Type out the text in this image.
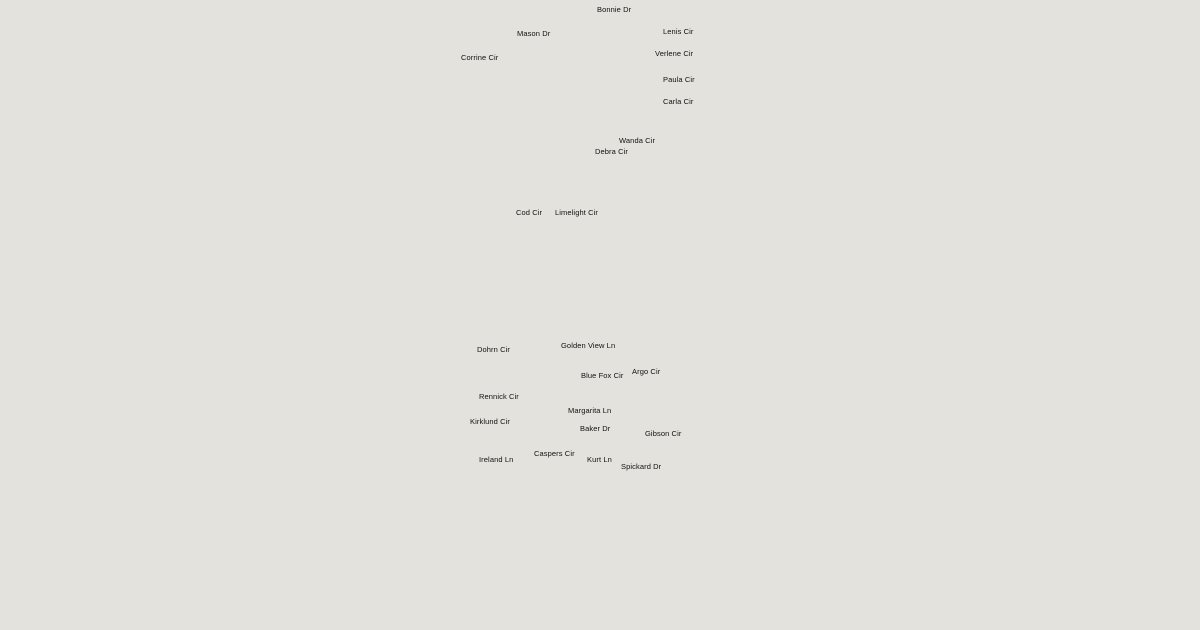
Bonnie Dr
Lenis Cir
Mason Dr
Verlene Cir
Corrine Cir
Paula Cir
Carla Cir
Wanda Cir
Debra Cir
Cod Cir Limelight Cir
Golden View Ln
Dohrn Cir
Argo Cir
Blue Fox Cir
Rennick Cir
Margarita Ln
Kirklund Cir
Baker Dr
Gibson Cir
Caspers Cir
Ireland Ln	Kurt Ln
Spickard Dr
